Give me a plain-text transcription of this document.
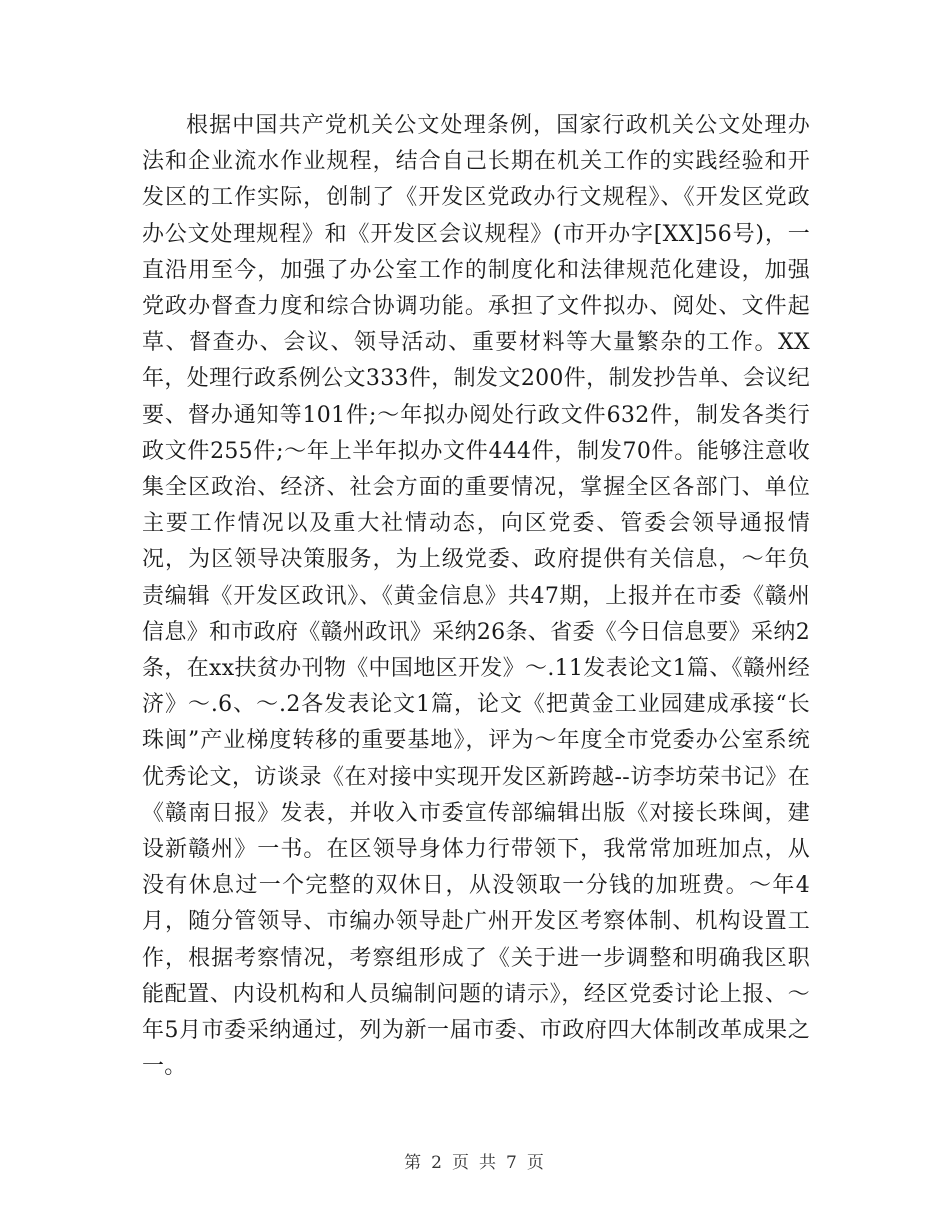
根据中国共产党机关公文处理条例，国家行政机关公文处理办法和企业流水作业规程，结合自己长期在机关工作的实践经验和开发区的工作实际，创制了《开发区党政办行文规程》、《开发区党政办公文处理规程》和《开发区会议规程》(市开办字[XX]56号)，一直沿用至今，加强了办公室工作的制度化和法律规范化建设，加强党政办督查力度和综合协调功能。承担了文件拟办、阅处、文件起草、督查办、会议、领导活动、重要材料等大量繁杂的工作。XX年，处理行政系例公文333件，制发文200件，制发抄告单、会议纪要、督办通知等101件;～年拟办阅处行政文件632件，制发各类行政文件255件;～年上半年拟办文件444件，制发70件。能够注意收集全区政治、经济、社会方面的重要情况，掌握全区各部门、单位主要工作情况以及重大社情动态，向区党委、管委会领导通报情况，为区领导决策服务，为上级党委、政府提供有关信息，～年负责编辑《开发区政讯》、《黄金信息》共47期，上报并在市委《赣州信息》和市政府《赣州政讯》采纳26条、省委《今日信息要》采纳2条，在xx扶贫办刊物《中国地区开发》～.11发表论文1篇、《赣州经济》～.6、～.2各发表论文1篇，论文《把黄金工业园建成承接“长珠闽”产业梯度转移的重要基地》，评为～年度全市党委办公室系统优秀论文，访谈录《在对接中实现开发区新跨越--访李坊荣书记》在《赣南日报》发表，并收入市委宣传部编辑出版《对接长珠闽，建设新赣州》一书。在区领导身体力行带领下，我常常加班加点，从没有休息过一个完整的双休日，从没领取一分钱的加班费。～年4月，随分管领导、市编办领导赴广州开发区考察体制、机构设置工作，根据考察情况，考察组形成了《关于进一步调整和明确我区职能配置、内设机构和人员编制问题的请示》，经区党委讨论上报、～年5月市委采纳通过，列为新一届市委、市政府四大体制改革成果之一。

第 2 页 共 7 页
